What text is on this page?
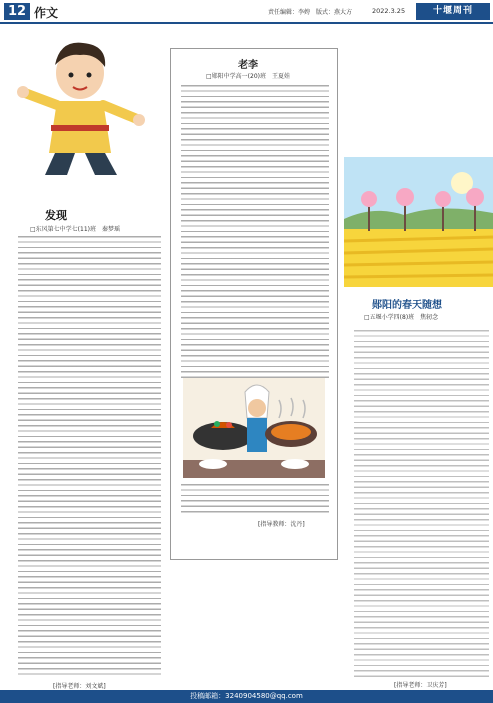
12 作文	责任编辑：李娉 版式：燕大方	2022.3.25	十堰周刊
发现
□东风第七中学七(11)班　秦梦瑶
[指导老师：刘文斌]
老李
□郧阳中学高一(20)班　王夏娃
[指导教师：沈丹]
郧阳的春天随想
□五堰小学四(8)班　焦轫念
[指导老师：卫庆芳]
投稿邮箱：3240904580@qq.com
